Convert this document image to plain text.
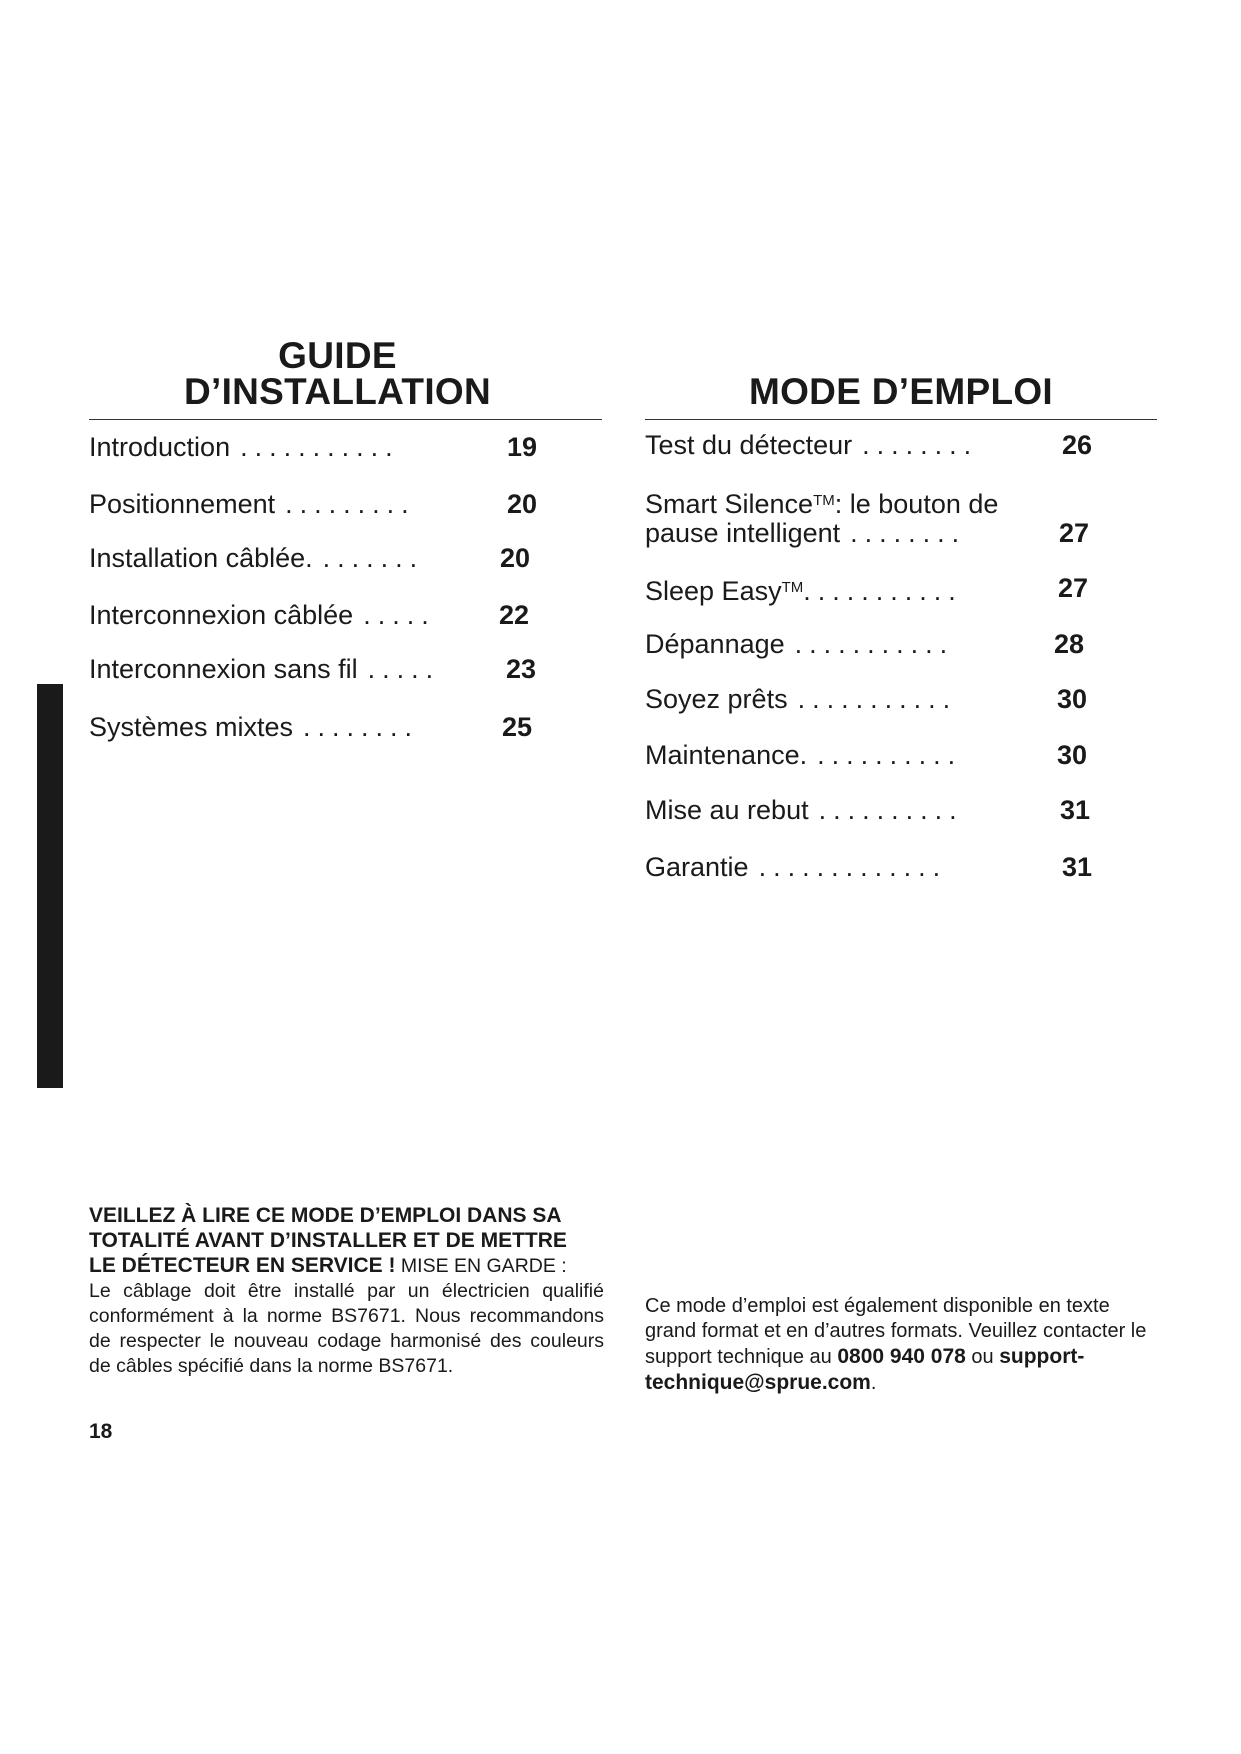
GUIDE
D’INSTALLATION
Introduction ...........	19
Positionnement .........	20
Installation câblée. .......	20
Interconnexion câblée ..... 22
Interconnexion sans fil ..... 23
Systèmes mixtes ........	25
MODE D’EMPLOI
Test du détecteur ........	26
Smart Silence™: le bouton de
pause intelligent ........	27
Sleep Easy™...........	27
Dépannage ...........	28
Soyez prêts ...........	30
Maintenance. ..........	30
Mise au rebut ..........	31
Garantie .............	31
VEILLEZ À LIRE CE MODE D’EMPLOI DANS SA
TOTALITÉ AVANT D’INSTALLER ET DE METTRE
LE DÉTECTEUR EN SERVICE ! MISE EN GARDE :
Le câblage doit être installé par un électricien qualifié conformément à la norme BS7671. Nous recommandons de respecter le nouveau codage harmonisé des couleurs de câbles spécifié dans la norme BS7671.
18
Ce mode d’emploi est également disponible en texte grand format et en d’autres formats. Veuillez contacter le support technique au 0800 940 078 ou support-technique@sprue.com.
